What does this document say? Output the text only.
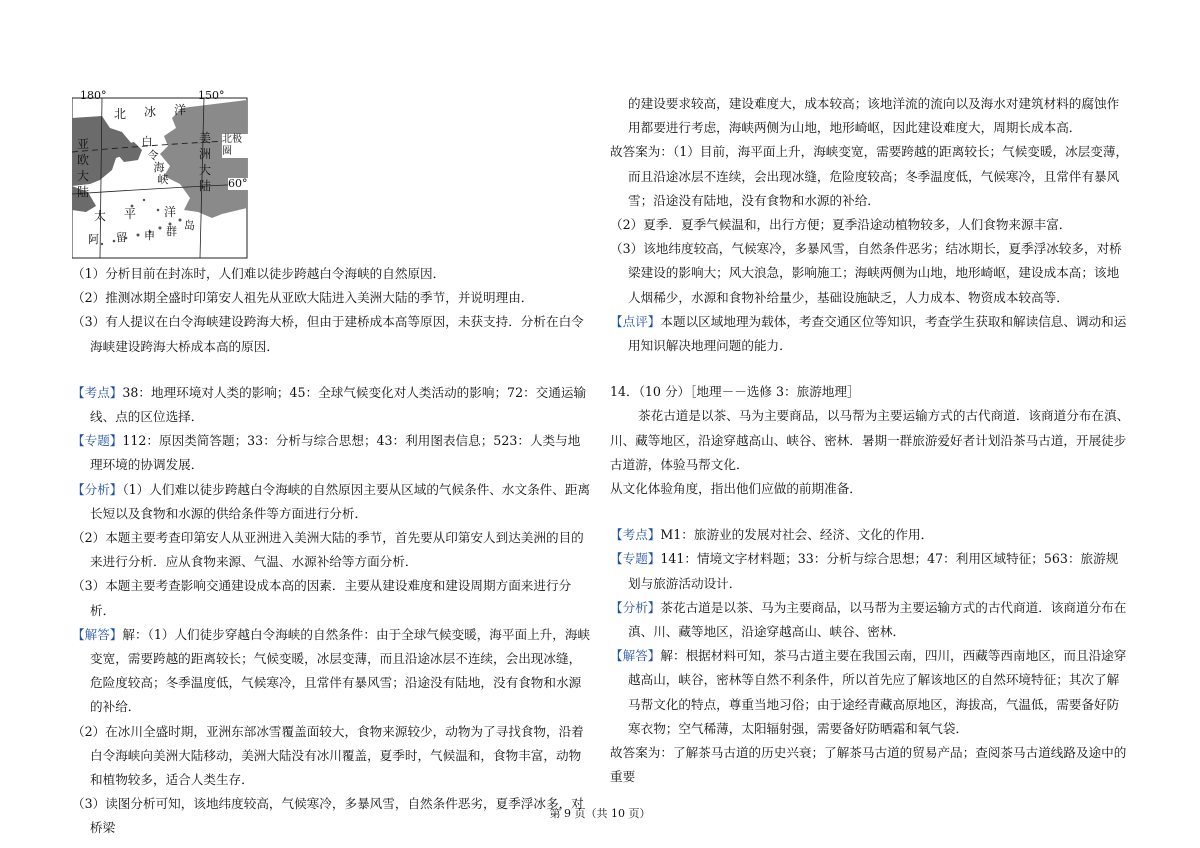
180°	150°
北 冰 洋
亚
欧
大
陆
白
令
海
峡
美
洲
大
陆
北极圈
60°
太 平 洋
阿 留 申 群 岛

（1）分析目前在封冻时，人们难以徒步跨越白令海峡的自然原因．

（2）推测冰期全盛时印第安人祖先从亚欧大陆进入美洲大陆的季节，并说明理由．

（3）有人提议在白令海峡建设跨海大桥，但由于建桥成本高等原因，未获支持．分析在白令海峡建设跨海大桥成本高的原因．

【考点】38：地理环境对人类的影响；45：全球气候变化对人类活动的影响；72：交通运输线、点的区位选择．

【专题】112：原因类简答题；33：分析与综合思想；43：利用图表信息；523：人类与地理环境的协调发展．

【分析】（1）人们难以徒步跨越白令海峡的自然原因主要从区域的气候条件、水文条件、距离长短以及食物和水源的供给条件等方面进行分析．

（2）本题主要考查印第安人从亚洲进入美洲大陆的季节，首先要从印第安人到达美洲的目的来进行分析．应从食物来源、气温、水源补给等方面分析．

（3）本题主要考查影响交通建设成本高的因素．主要从建设难度和建设周期方面来进行分析．

【解答】解：（1）人们徒步穿越白令海峡的自然条件：由于全球气候变暖，海平面上升，海峡变宽，需要跨越的距离较长；气候变暖，冰层变薄，而且沿途冰层不连续，会出现冰缝，危险度较高；冬季温度低，气候寒冷，且常伴有暴风雪；沿途没有陆地，没有食物和水源的补给．

（2）在冰川全盛时期，亚洲东部冰雪覆盖面较大，食物来源较少，动物为了寻找食物，沿着白令海峡向美洲大陆移动，美洲大陆没有冰川覆盖，夏季时，气候温和，食物丰富，动物和植物较多，适合人类生存．

（3）读图分析可知，该地纬度较高，气候寒冷，多暴风雪，自然条件恶劣，夏季浮冰多，对桥梁

的建设要求较高，建设难度大，成本较高；该地洋流的流向以及海水对建筑材料的腐蚀作用都要进行考虑，海峡两侧为山地，地形崎岖，因此建设难度大，周期长成本高．

故答案为：（1）目前，海平面上升，海峡变宽，需要跨越的距离较长；气候变暖，冰层变薄，而且沿途冰层不连续，会出现冰缝，危险度较高；冬季温度低，气候寒冷，且常伴有暴风雪；沿途没有陆地，没有食物和水源的补给．

（2）夏季．夏季气候温和，出行方便；夏季沿途动植物较多，人们食物来源丰富．

（3）该地纬度较高，气候寒冷，多暴风雪，自然条件恶劣；结冰期长，夏季浮冰较多，对桥梁建设的影响大；风大浪急，影响施工；海峡两侧为山地，地形崎岖，建设成本高；该地人烟稀少，水源和食物补给量少，基础设施缺乏，人力成本、物资成本较高等．

【点评】本题以区域地理为载体，考查交通区位等知识，考查学生获取和解读信息、调动和运用知识解决地理问题的能力．

14．（10 分）［地理－－选修 3：旅游地理］

茶花古道是以茶、马为主要商品，以马帮为主要运输方式的古代商道．该商道分布在滇、川、藏等地区，沿途穿越高山、峡谷、密林．暑期一群旅游爱好者计划沿茶马古道，开展徒步古道游，体验马帮文化．

从文化体验角度，指出他们应做的前期准备．

【考点】M1：旅游业的发展对社会、经济、文化的作用．

【专题】141：情境文字材料题；33：分析与综合思想；47：利用区域特征；563：旅游规划与旅游活动设计．

【分析】茶花古道是以茶、马为主要商品，以马帮为主要运输方式的古代商道．该商道分布在滇、川、藏等地区，沿途穿越高山、峡谷、密林．

【解答】解：根据材料可知，茶马古道主要在我国云南，四川，西藏等西南地区，而且沿途穿越高山，峡谷，密林等自然不利条件，所以首先应了解该地区的自然环境特征；其次了解马帮文化的特点，尊重当地习俗；由于途经青藏高原地区，海拔高，气温低，需要备好防寒衣物；空气稀薄，太阳辐射强，需要备好防晒霜和氧气袋．

故答案为：了解茶马古道的历史兴衰；了解茶马古道的贸易产品；查阅茶马古道线路及途中的重要

第 9 页（共 10 页）
